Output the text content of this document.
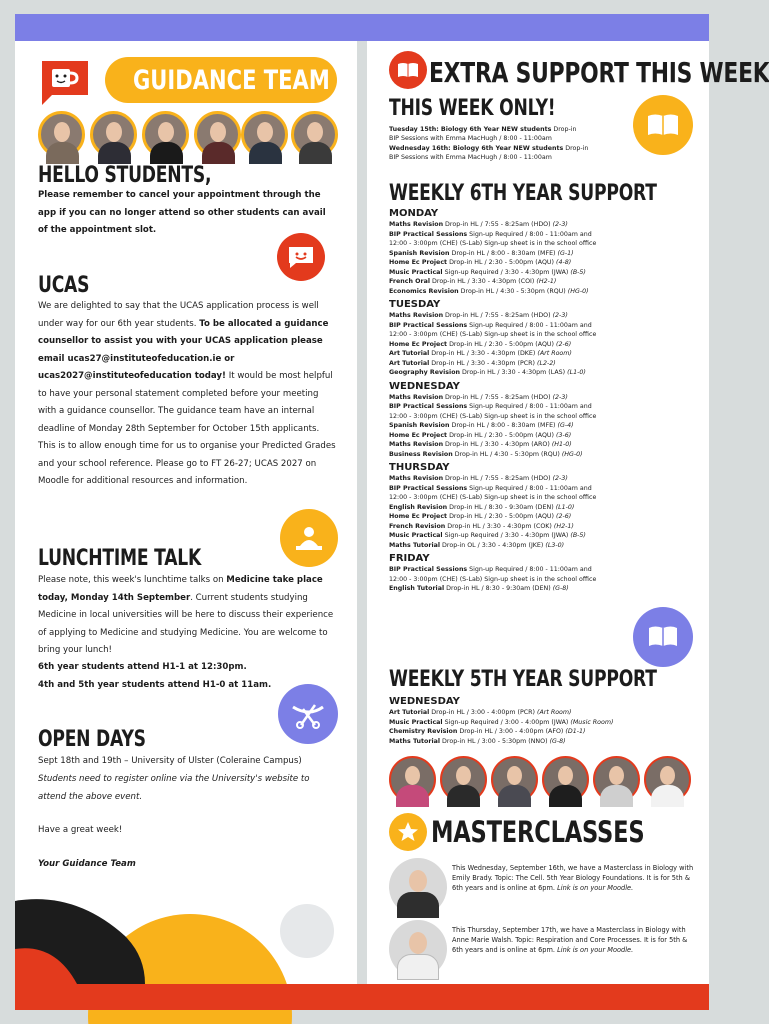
GUIDANCE TEAM
HELLO STUDENTS,
Please remember to cancel your appointment through the app if you can no longer attend so other students can avail of the appointment slot.
UCAS
We are delighted to say that the UCAS application process is well under way for our 6th year students. To be allocated a guidance counsellor to assist you with your UCAS application please email ucas27@instituteofeducation.ie or ucas2027@instituteofeducation today! It would be most helpful to have your personal statement completed before your meeting with a guidance counsellor. The guidance team have an internal deadline of Monday 28th September for October 15th applicants. This is to allow enough time for us to organise your Predicted Grades and your school reference. Please go to FT 26-27; UCAS 2027 on Moodle for additional resources and information.
LUNCHTIME TALK
Please note, this week's lunchtime talks on Medicine take place today, Monday 14th September. Current students studying Medicine in local universities will be here to discuss their experience of applying to Medicine and studying Medicine. You are welcome to bring your lunch!
6th year students attend H1-1 at 12:30pm.
4th and 5th year students attend H1-0 at 11am.
OPEN DAYS
Sept 18th and 19th – University of Ulster (Coleraine Campus)
Students need to register online via the University's website to attend the above event.
Have a great week!
Your Guidance Team
EXTRA SUPPORT THIS WEEK
THIS WEEK ONLY!
Tuesday 15th: Biology 6th Year NEW students Drop-in
BIP Sessions with Emma MacHugh / 8:00 - 11:00am
Wednesday 16th: Biology 6th Year NEW students Drop-in
BIP Sessions with Emma MacHugh / 8:00 - 11:00am
WEEKLY 6TH YEAR SUPPORT
MONDAY
Maths Revision Drop-in HL / 7:55 - 8:25am (HDO) (2-3)
BIP Practical Sessions Sign-up Required / 8:00 - 11:00am and
12:00 - 3:00pm (CHE) (S-Lab) Sign-up sheet is in the school office
Spanish Revision Drop-in HL / 8:00 - 8:30am (MFE) (G-1)
Home Ec Project Drop-in HL / 2:30 - 5:00pm (AQU) (4-8)
Music Practical Sign-up Required / 3:30 - 4:30pm (JWA) (B-5)
French Oral Drop-in HL / 3:30 - 4:30pm (COI) (H2-1)
Economics Revision Drop-in HL / 4:30 - 5:30pm (RQU) (HG-0)
TUESDAY
Maths Revision Drop-in HL / 7:55 - 8:25am (HDO) (2-3)
BIP Practical Sessions Sign-up Required / 8:00 - 11:00am and
12:00 - 3:00pm (CHE) (S-Lab) Sign-up sheet is in the school office
Home Ec Project Drop-in HL / 2:30 - 5:00pm (AQU) (2-6)
Art Tutorial Drop-in HL / 3:30 - 4:30pm (DKE) (Art Room)
Art Tutorial Drop-in HL / 3:30 - 4:30pm (PCR) (L2-2)
Geography Revision Drop-in HL / 3:30 - 4:30pm (LAS) (L1-0)
WEDNESDAY
Maths Revision Drop-in HL / 7:55 - 8:25am (HDO) (2-3)
BIP Practical Sessions Sign-up Required / 8:00 - 11:00am and
12:00 - 3:00pm (CHE) (S-Lab) Sign-up sheet is in the school office
Spanish Revision Drop-in HL / 8:00 - 8:30am (MFE) (G-4)
Home Ec Project Drop-in HL / 2:30 - 5:00pm (AQU) (3-6)
Maths Revision Drop-in HL / 3:30 - 4:30pm (ARO) (H1-0)
Business Revision Drop-in HL / 4:30 - 5:30pm (RQU) (HG-0)
THURSDAY
Maths Revision Drop-in HL / 7:55 - 8:25am (HDO) (2-3)
BIP Practical Sessions Sign-up Required / 8:00 - 11:00am and
12:00 - 3:00pm (CHE) (S-Lab) Sign-up sheet is in the school office
English Revision Drop-in HL / 8:30 - 9:30am (DEN) (L1-0)
Home Ec Project Drop-in HL / 2:30 - 5:00pm (AQU) (2-6)
French Revision Drop-in HL / 3:30 - 4:30pm (COK) (H2-1)
Music Practical Sign-up Required / 3:30 - 4:30pm (JWA) (B-5)
Maths Tutorial Drop-in OL / 3:30 - 4:30pm (JKE) (L3-0)
FRIDAY
BIP Practical Sessions Sign-up Required / 8:00 - 11:00am and
12:00 - 3:00pm (CHE) (S-Lab) Sign-up sheet is in the school office
English Tutorial Drop-in HL / 8:30 - 9:30am (DEN) (G-8)
WEEKLY 5TH YEAR SUPPORT
WEDNESDAY
Art Tutorial Drop-in HL / 3:00 - 4:00pm (PCR) (Art Room)
Music Practical Sign-up Required / 3:00 - 4:00pm (JWA) (Music Room)
Chemistry Revision Drop-in HL / 3:00 - 4:00pm (AFO) (D1-1)
Maths Tutorial Drop-in HL / 3:00 - 5:30pm (NNO) (G-8)
MASTERCLASSES
This Wednesday, September 16th, we have a Masterclass in Biology with Emily Brady. Topic: The Cell. 5th Year Biology Foundations. It is for 5th & 6th years and is online at 6pm. Link is on your Moodle.
This Thursday, September 17th, we have a Masterclass in Biology with Anne Marie Walsh. Topic: Respiration and Core Processes. It is for 5th & 6th years and is online at 6pm. Link is on your Moodle.
